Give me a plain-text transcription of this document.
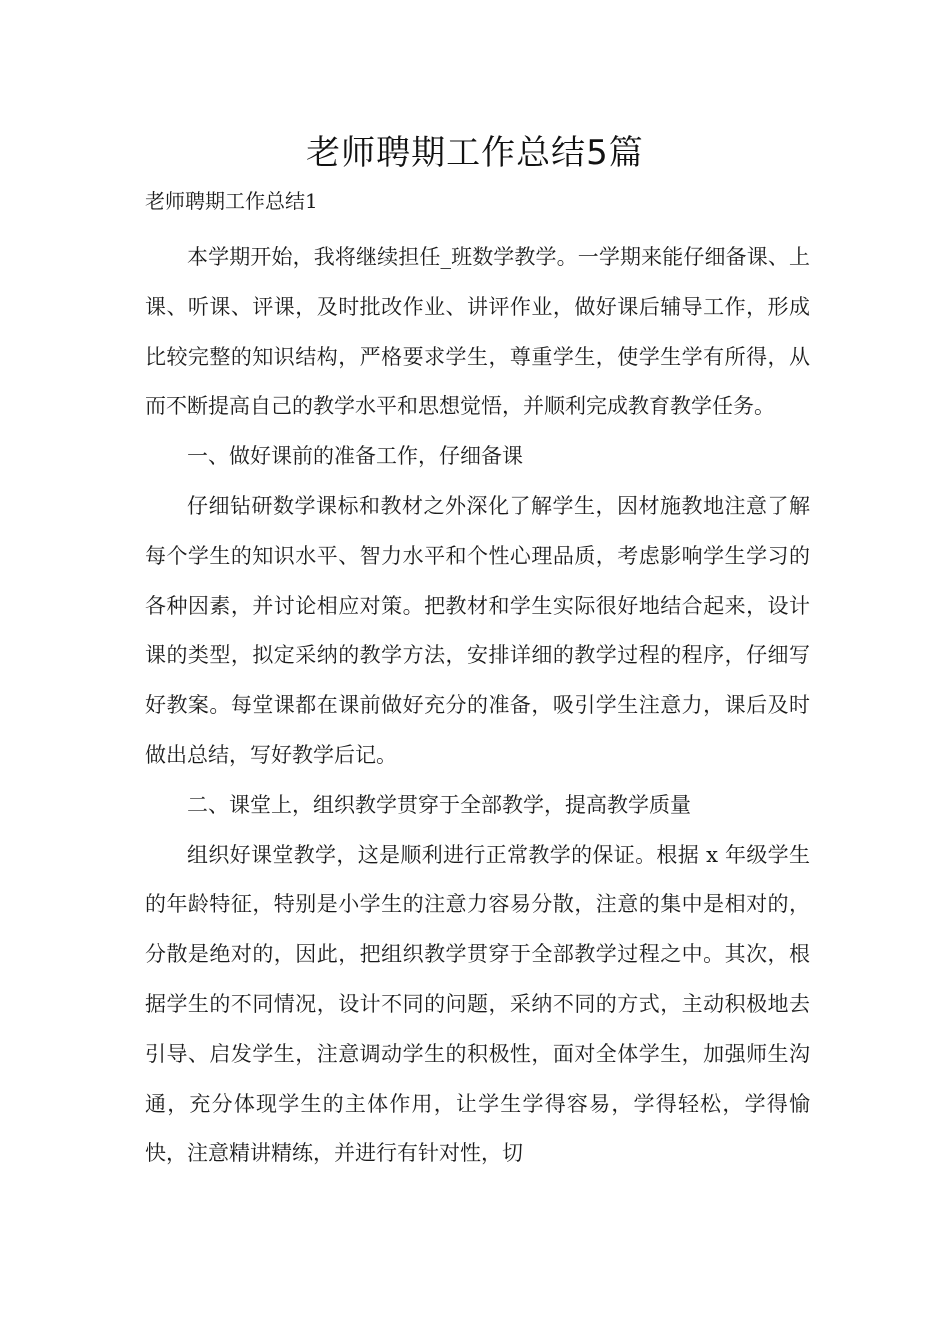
老师聘期工作总结5篇
老师聘期工作总结1

本学期开始，我将继续担任_班数学教学。一学期来能仔细备课、上课、听课、评课，及时批改作业、讲评作业，做好课后辅导工作，形成比较完整的知识结构，严格要求学生，尊重学生，使学生学有所得，从而不断提高自己的教学水平和思想觉悟，并顺利完成教育教学任务。

一、做好课前的准备工作，仔细备课

仔细钻研数学课标和教材之外深化了解学生，因材施教地注意了解每个学生的知识水平、智力水平和个性心理品质，考虑影响学生学习的各种因素，并讨论相应对策。把教材和学生实际很好地结合起来，设计课的类型，拟定采纳的教学方法，安排详细的教学过程的程序，仔细写好教案。每堂课都在课前做好充分的准备，吸引学生注意力，课后及时做出总结，写好教学后记。

二、课堂上，组织教学贯穿于全部教学，提高教学质量

组织好课堂教学，这是顺利进行正常教学的保证。根据 x 年级学生的年龄特征，特别是小学生的注意力容易分散，注意的集中是相对的，分散是绝对的，因此，把组织教学贯穿于全部教学过程之中。其次，根据学生的不同情况，设计不同的问题，采纳不同的方式，主动积极地去引导、启发学生，注意调动学生的积极性，面对全体学生，加强师生沟通，充分体现学生的主体作用，让学生学得容易，学得轻松，学得愉快，注意精讲精练，并进行有针对性，切
